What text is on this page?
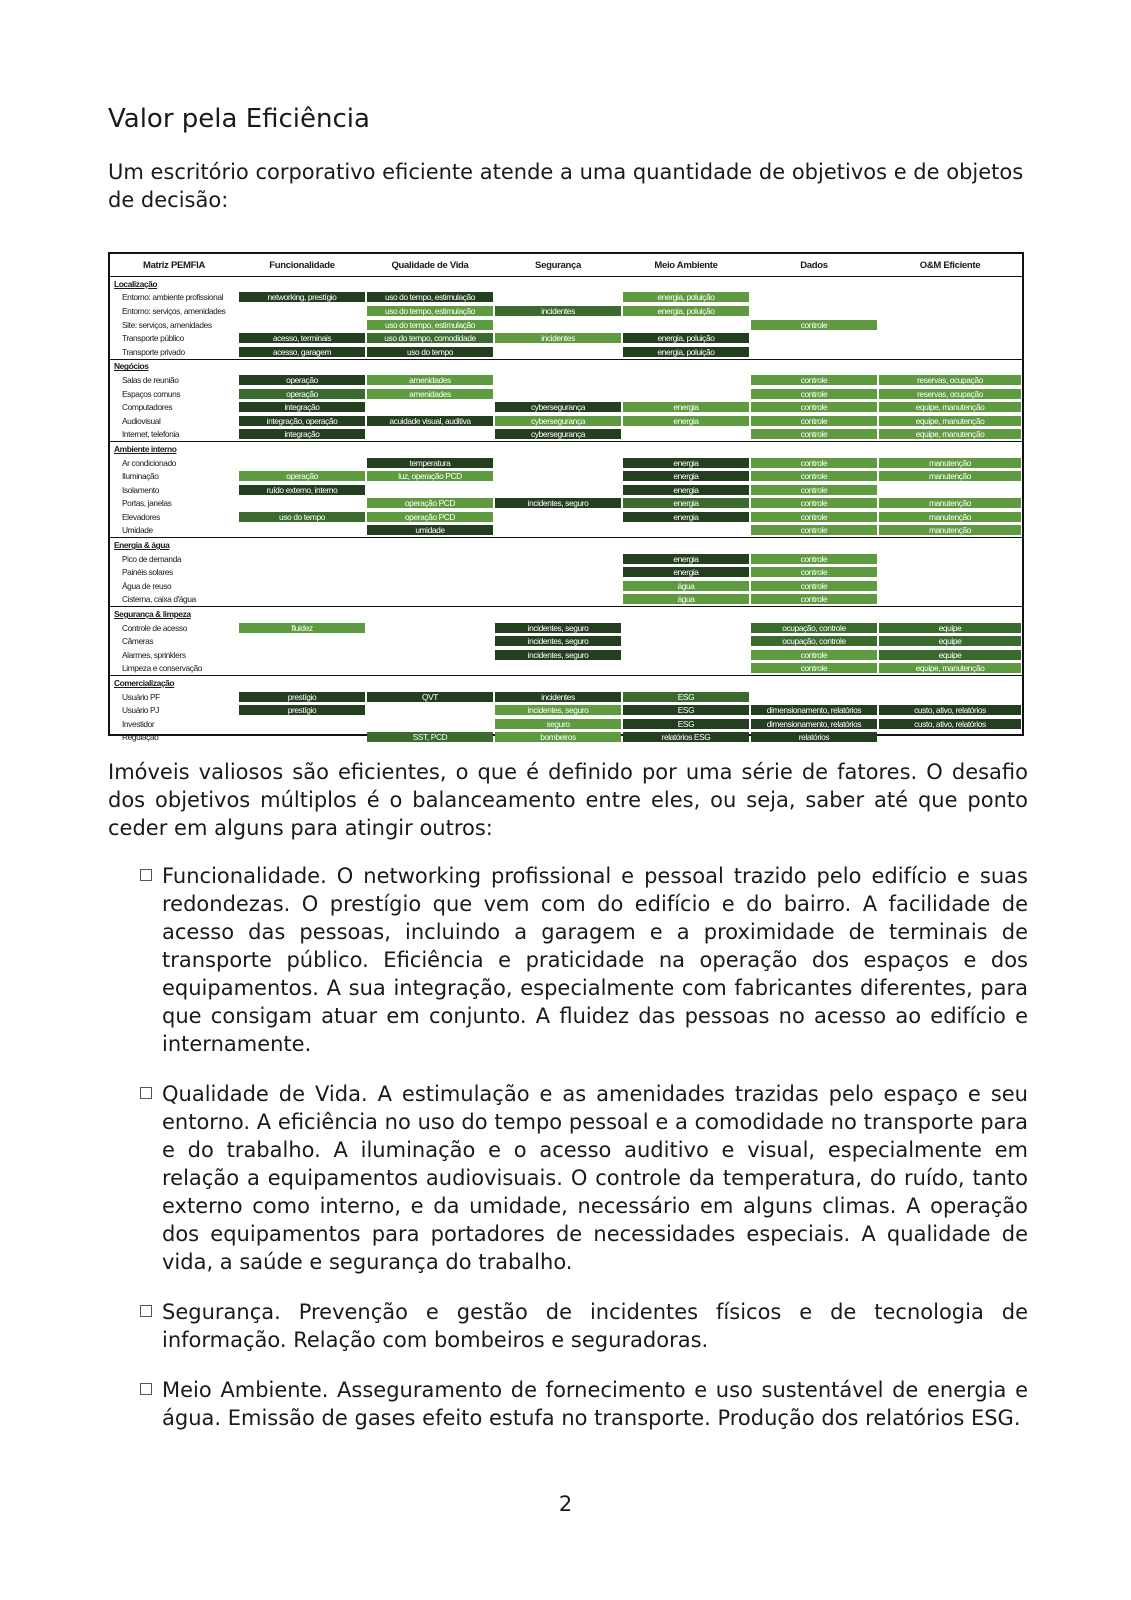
Valor pela Eficiência

Um escritório corporativo eficiente atende a uma quantidade de objetivos e de objetos de decisão:

Matriz PEMFIA	Funcionalidade	Qualidade de Vida	Segurança	Meio Ambiente	Dados	O&M Eficiente
Localização						
Entorno: ambiente profissional	networking, prestígio	uso do tempo, estimulação		energia, poluição		

Entorno: serviços, amenidades		uso do tempo, estimulação	incidentes	energia, poluição		

Site: serviços, amenidades		uso do tempo, estimulação			controle	

Transporte público	acesso, terminais	uso do tempo, comodidade	incidentes	energia, poluição		

Transporte privado	acesso, garagem	uso do tempo		energia, poluição		

Negócios						
Salas de reunião	operação	amenidades			controle	reservas, ocupação

Espaços comuns	operação	amenidades			controle	reservas, ocupação

Computadores	integração		cybersegurança	energia	controle	equipe, manutenção

Audiovisual	integração, operação	acuidade visual, auditiva	cybersegurança	energia	controle	equipe, manutenção

Internet, telefonia	integração		cybersegurança		controle	equipe, manutenção

Ambiente interno						
Ar condicionado		temperatura		energia	controle	manutenção

Iluminação	operação	luz, operação PCD		energia	controle	manutenção

Isolamento	ruído externo, interno			energia	controle	

Portas, janelas		operação PCD	incidentes, seguro	energia	controle	manutenção

Elevadores	uso do tempo	operação PCD		energia	controle	manutenção

Umidade		umidade			controle	manutenção

Energia & água						
Pico de demanda				energia	controle	

Painéis solares				energia	controle	

Água de reuso				água	controle	

Cisterna, caixa d'água				água	controle	

Segurança & limpeza						
Controle de acesso	fluidez		incidentes, seguro		ocupação, controle	equipe

Câmeras			incidentes, seguro		ocupação, controle	equipe

Alarmes, sprinklers			incidentes, seguro		controle	equipe

Limpeza e conservação					controle	equipe, manutenção

Comercialização						
Usuário PF	prestígio	QVT	incidentes	ESG		

Usuário PJ	prestígio		incidentes, seguro	ESG	dimensionamento, relatórios	custo, ativo, relatórios

Investidor			seguro	ESG	dimensionamento, relatórios	custo, ativo, relatórios

Regulação		SST, PCD	bombeiros	relatórios ESG	relatórios	

Imóveis valiosos são eficientes, o que é definido por uma série de fatores. O desafio dos objetivos múltiplos é o balanceamento entre eles, ou seja, saber até que ponto ceder em alguns para atingir outros:

Funcionalidade. O networking profissional e pessoal trazido pelo edifício e suas redondezas. O prestígio que vem com do edifício e do bairro. A facilidade de acesso das pessoas, incluindo a garagem e a proximidade de terminais de transporte público. Eficiência e praticidade na operação dos espaços e dos equipamentos. A sua integração, especialmente com fabricantes diferentes, para que consigam atuar em conjunto. A fluidez das pessoas no acesso ao edifício e internamente.
Qualidade de Vida. A estimulação e as amenidades trazidas pelo espaço e seu entorno. A eficiência no uso do tempo pessoal e a comodidade no transporte para e do trabalho. A iluminação e o acesso auditivo e visual, especialmente em relação a equipamentos audiovisuais. O controle da temperatura, do ruído, tanto externo como interno, e da umidade, necessário em alguns climas. A operação dos equipamentos para portadores de necessidades especiais. A qualidade de vida, a saúde e segurança do trabalho.
Segurança. Prevenção e gestão de incidentes físicos e de tecnologia de informação. Relação com bombeiros e seguradoras.
Meio Ambiente. Asseguramento de fornecimento e uso sustentável de energia e água. Emissão de gases efeito estufa no transporte. Produção dos relatórios ESG.
2
